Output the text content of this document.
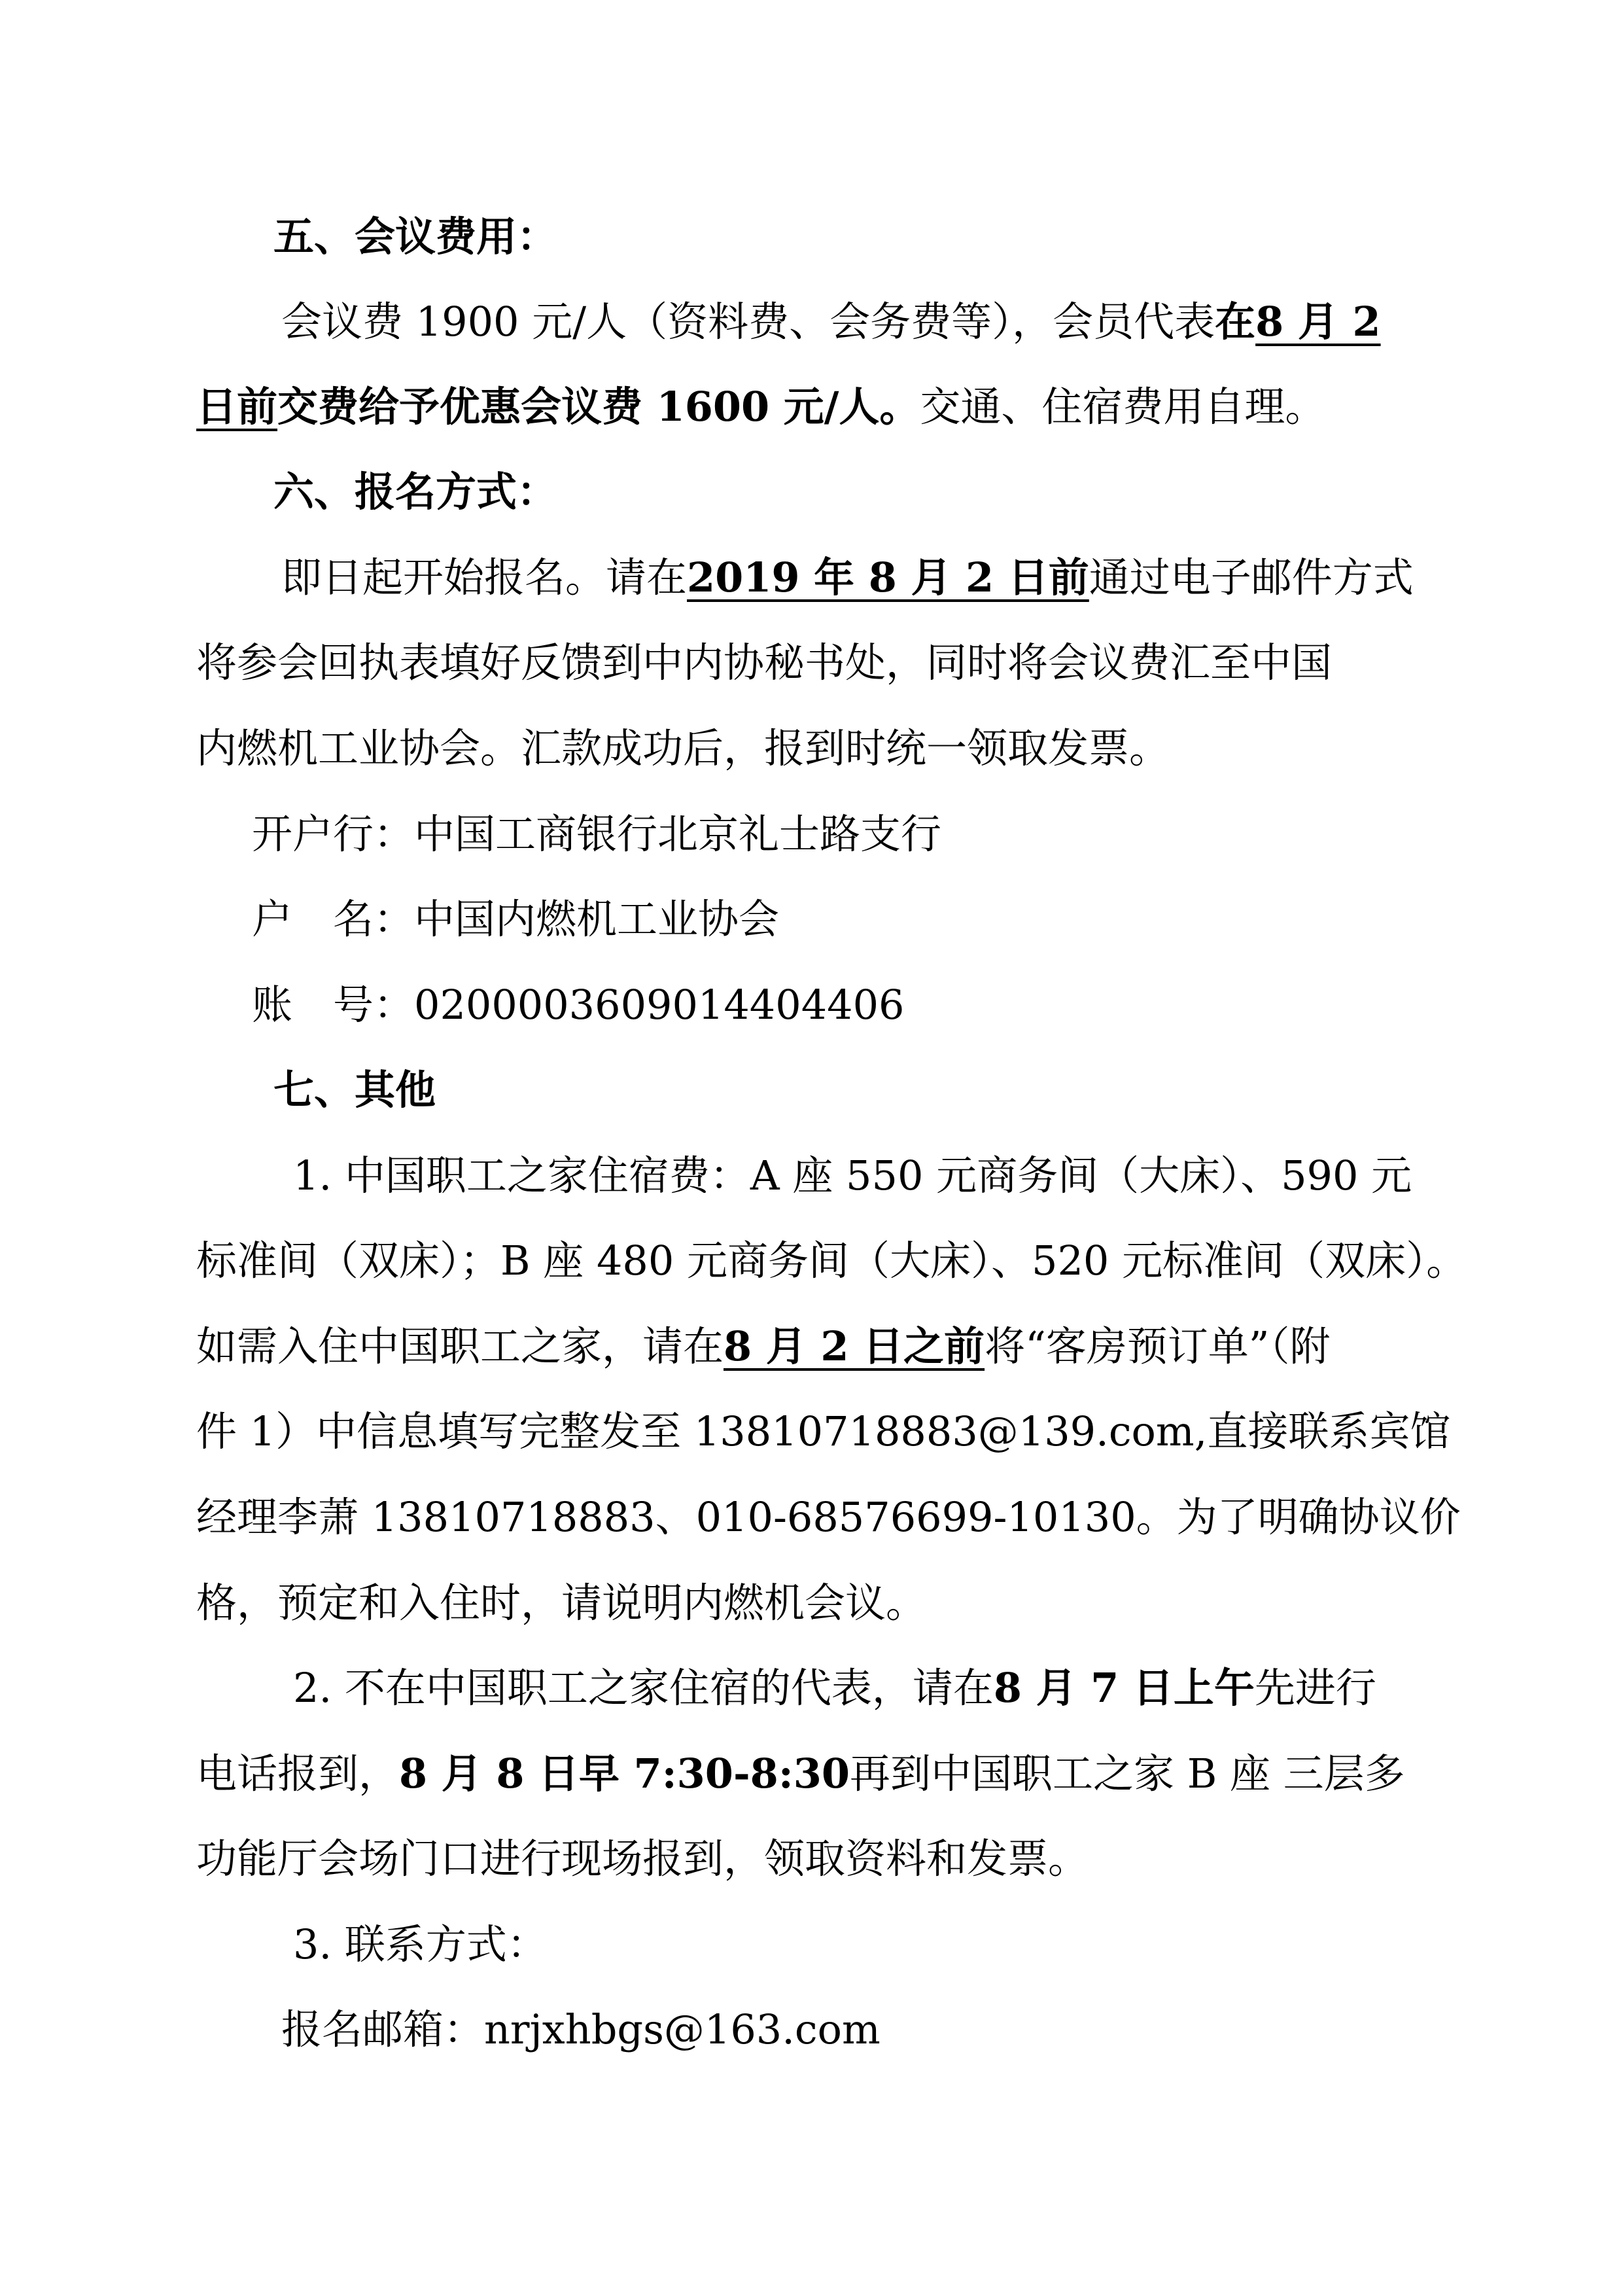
五、会议费用：
会议费 1900 元/人（资料费、会务费等），会员代表在8 月 2
日前交费给予优惠会议费 1600 元/人。交通、住宿费用自理。
六、报名方式：
即日起开始报名。请在2019 年 8 月 2 日前通过电子邮件方式
将参会回执表填好反馈到中内协秘书处，同时将会议费汇至中国
内燃机工业协会。汇款成功后，报到时统一领取发票。
开户行：中国工商银行北京礼士路支行
户　名：中国内燃机工业协会
账　号：0200003609014404406
七、其他
1. 中国职工之家住宿费：A 座 550 元商务间（大床）、590 元
标准间（双床）；B 座 480 元商务间（大床）、520 元标准间（双床）。
如需入住中国职工之家，请在8 月 2 日之前将“客房预订单”（附
件 1）中信息填写完整发至 13810718883@139.com,直接联系宾馆
经理李萧 13810718883、010-68576699-10130。为了明确协议价
格，预定和入住时，请说明内燃机会议。
2. 不在中国职工之家住宿的代表，请在8 月 7 日上午先进行
电话报到，8 月 8 日早 7:30-8:30再到中国职工之家 B 座 三层多
功能厅会场门口进行现场报到，领取资料和发票。
3. 联系方式：
报名邮箱：nrjxhbgs@163.com
